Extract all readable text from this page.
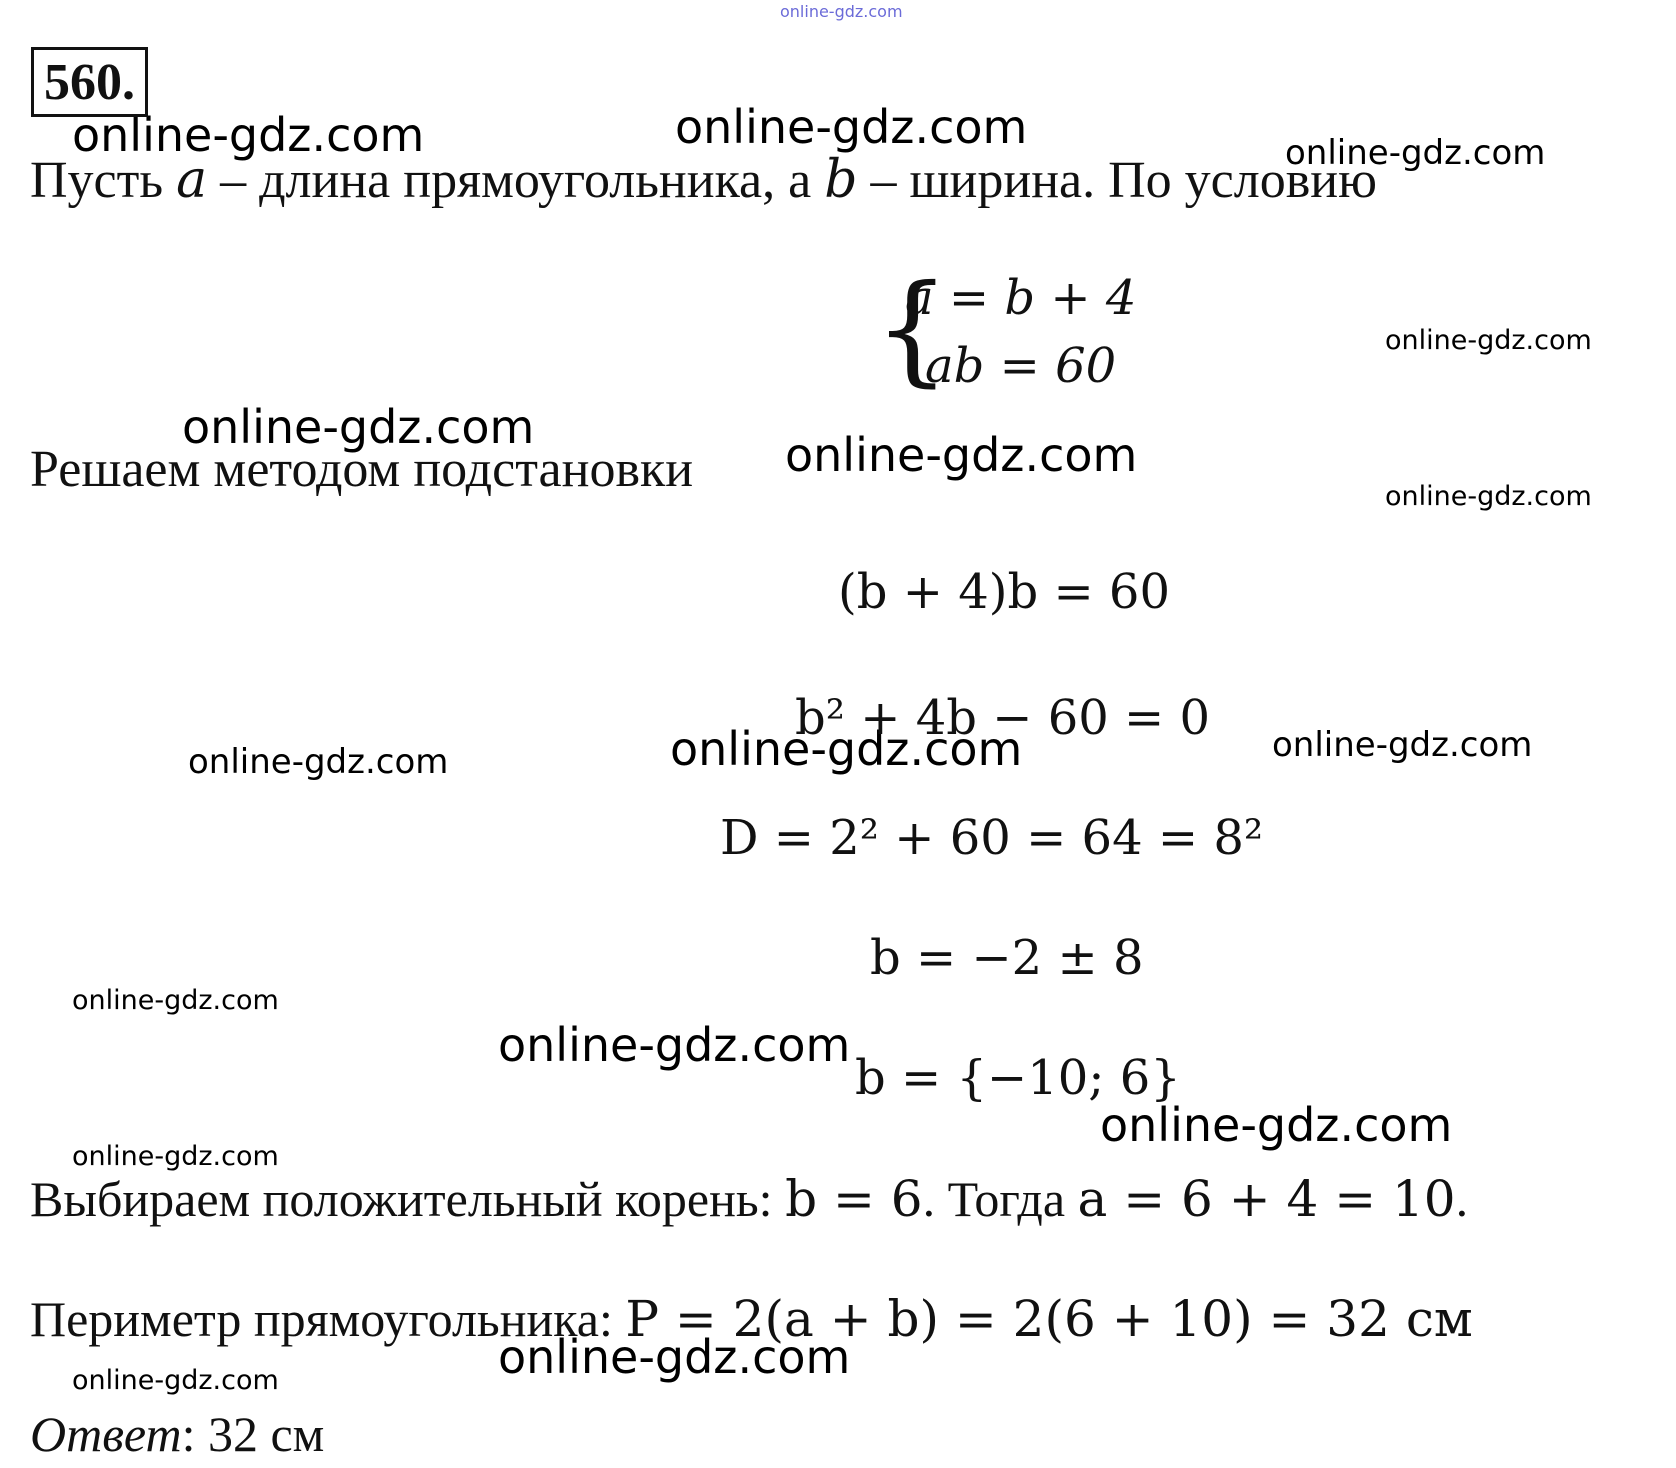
online-gdz.com
online-gdz.com	online-gdz.com	online-gdz.com
online-gdz.com
online-gdz.com
online-gdz.com
online-gdz.com
online-gdz.com	online-gdz.com	online-gdz.com
online-gdz.com
online-gdz.com
online-gdz.com
online-gdz.com
online-gdz.com
online-gdz.com
560.
Пусть a – длина прямоугольника, а b – ширина. По условию
{
a = b + 4
ab = 60
Решаем методом подстановки
(b + 4)b = 60
b² + 4b − 60 = 0
D = 2² + 60 = 64 = 8²
b = −2 ± 8
b = {−10; 6}
Выбираем положительный корень: b = 6. Тогда a = 6 + 4 = 10.
Периметр прямоугольника: P = 2(a + b) = 2(6 + 10) = 32 см
Ответ: 32 см
